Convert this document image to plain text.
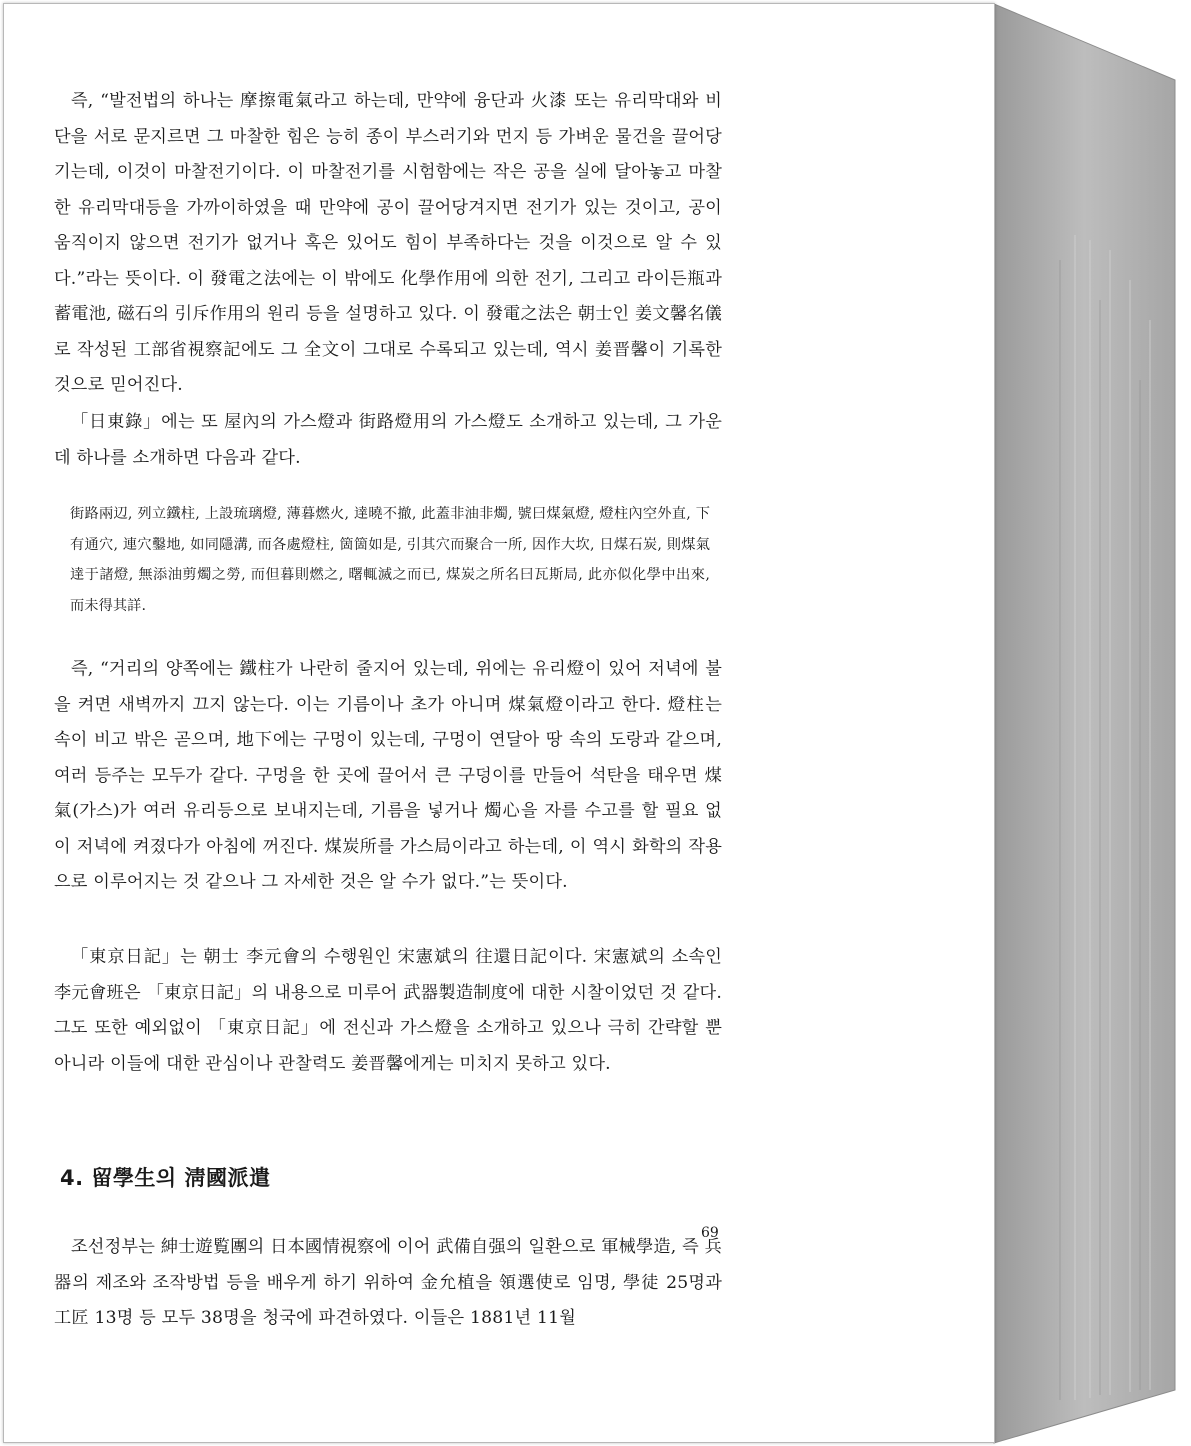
즉, “발전법의 하나는 摩擦電氣라고 하는데, 만약에 융단과 火漆 또는 유리막대와 비단을 서로 문지르면 그 마찰한 힘은 능히 종이 부스러기와 먼지 등 가벼운 물건을 끌어당기는데, 이것이 마찰전기이다. 이 마찰전기를 시험함에는 작은 공을 실에 달아놓고 마찰한 유리막대등을 가까이하였을 때 만약에 공이 끌어당겨지면 전기가 있는 것이고, 공이 움직이지 않으면 전기가 없거나 혹은 있어도 힘이 부족하다는 것을 이것으로 알 수 있다.”라는 뜻이다. 이 發電之法에는 이 밖에도 化學作用에 의한 전기, 그리고 라이든瓶과 蓄電池, 磁石의 引斥作用의 원리 등을 설명하고 있다. 이 發電之法은 朝士인 姜文馨名儀로 작성된 工部省視察記에도 그 全文이 그대로 수록되고 있는데, 역시 姜晋馨이 기록한 것으로 믿어진다.

「日東錄」에는 또 屋內의 가스燈과 街路燈用의 가스燈도 소개하고 있는데, 그 가운데 하나를 소개하면 다음과 같다.

街路兩辺, 列立鐵柱, 上設琉璃燈, 薄暮燃火, 達曉不撤, 此蓋非油非燭, 號曰煤氣燈, 燈柱內空外直, 下有通穴, 連穴鑿地, 如同隱溝, 而各處燈柱, 箇箇如是, 引其穴而聚合一所, 因作大坎, 日煤石炭, 則煤氣達于諸燈, 無添油剪燭之勞, 而但暮則燃之, 曙輒滅之而已, 煤炭之所名曰瓦斯局, 此亦似化學中出來, 而未得其詳.

즉, “거리의 양쪽에는 鐵柱가 나란히 줄지어 있는데, 위에는 유리燈이 있어 저녁에 불을 켜면 새벽까지 끄지 않는다. 이는 기름이나 초가 아니며 煤氣燈이라고 한다. 燈柱는 속이 비고 밖은 곧으며, 地下에는 구멍이 있는데, 구멍이 연달아 땅 속의 도랑과 같으며, 여러 등주는 모두가 같다. 구멍을 한 곳에 끌어서 큰 구덩이를 만들어 석탄을 태우면 煤氣(가스)가 여러 유리등으로 보내지는데, 기름을 넣거나 燭心을 자를 수고를 할 필요 없이 저녁에 켜졌다가 아침에 꺼진다. 煤炭所를 가스局이라고 하는데, 이 역시 화학의 작용으로 이루어지는 것 같으나 그 자세한 것은 알 수가 없다.”는 뜻이다.

「東京日記」는 朝士 李元會의 수행원인 宋憲斌의 往還日記이다. 宋憲斌의 소속인 李元會班은 「東京日記」의 내용으로 미루어 武器製造制度에 대한 시찰이었던 것 같다. 그도 또한 예외없이 「東京日記」에 전신과 가스燈을 소개하고 있으나 극히 간략할 뿐 아니라 이들에 대한 관심이나 관찰력도 姜晋馨에게는 미치지 못하고 있다.

4. 留學生의 淸國派遣

조선정부는 紳士遊覧團의 日本國情視察에 이어 武備自强의 일환으로 軍械學造, 즉 兵器의 제조와 조작방법 등을 배우게 하기 위하여 金允植을 領選使로 임명, 學徒 25명과 工匠 13명 등 모두 38명을 청국에 파견하였다. 이들은 1881년 11월

69
